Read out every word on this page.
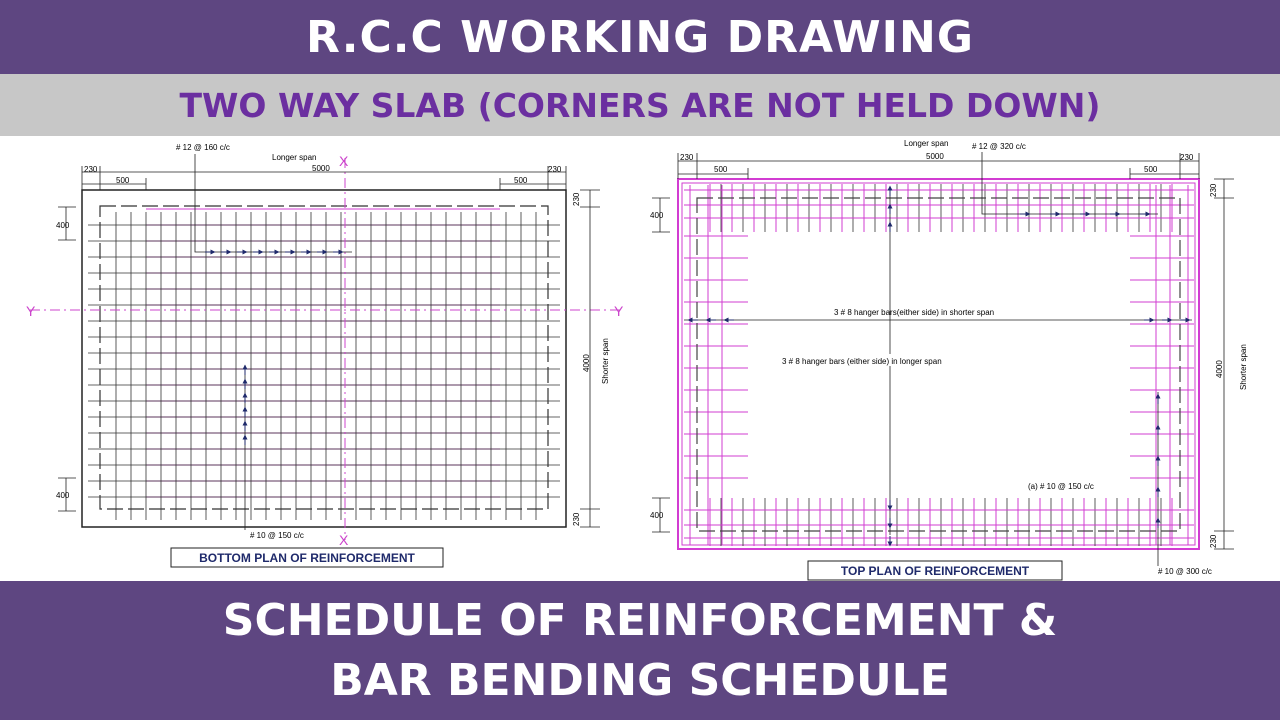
R.C.C WORKING DRAWING
TWO WAY SLAB (CORNERS ARE NOT HELD DOWN)
Y	Y
X
X
230	230
500	500
Longer span
5000
400
400
230
230
4000 Shorter span
# 12 @ 160 c/c
# 10 @ 150 c/c
BOTTOM PLAN OF REINFORCEMENT
230	230
500	500
Longer span
5000
400
400
230
230
4000 Shorter span
# 12 @ 320 c/c
3 # 8 hanger bars(either side) in shorter span
3 # 8 hanger bars (either side) in longer span
(a) # 10 @ 150 c/c
# 10 @ 300 c/c
TOP PLAN OF REINFORCEMENT
SCHEDULE OF REINFORCEMENT &
BAR BENDING SCHEDULE
